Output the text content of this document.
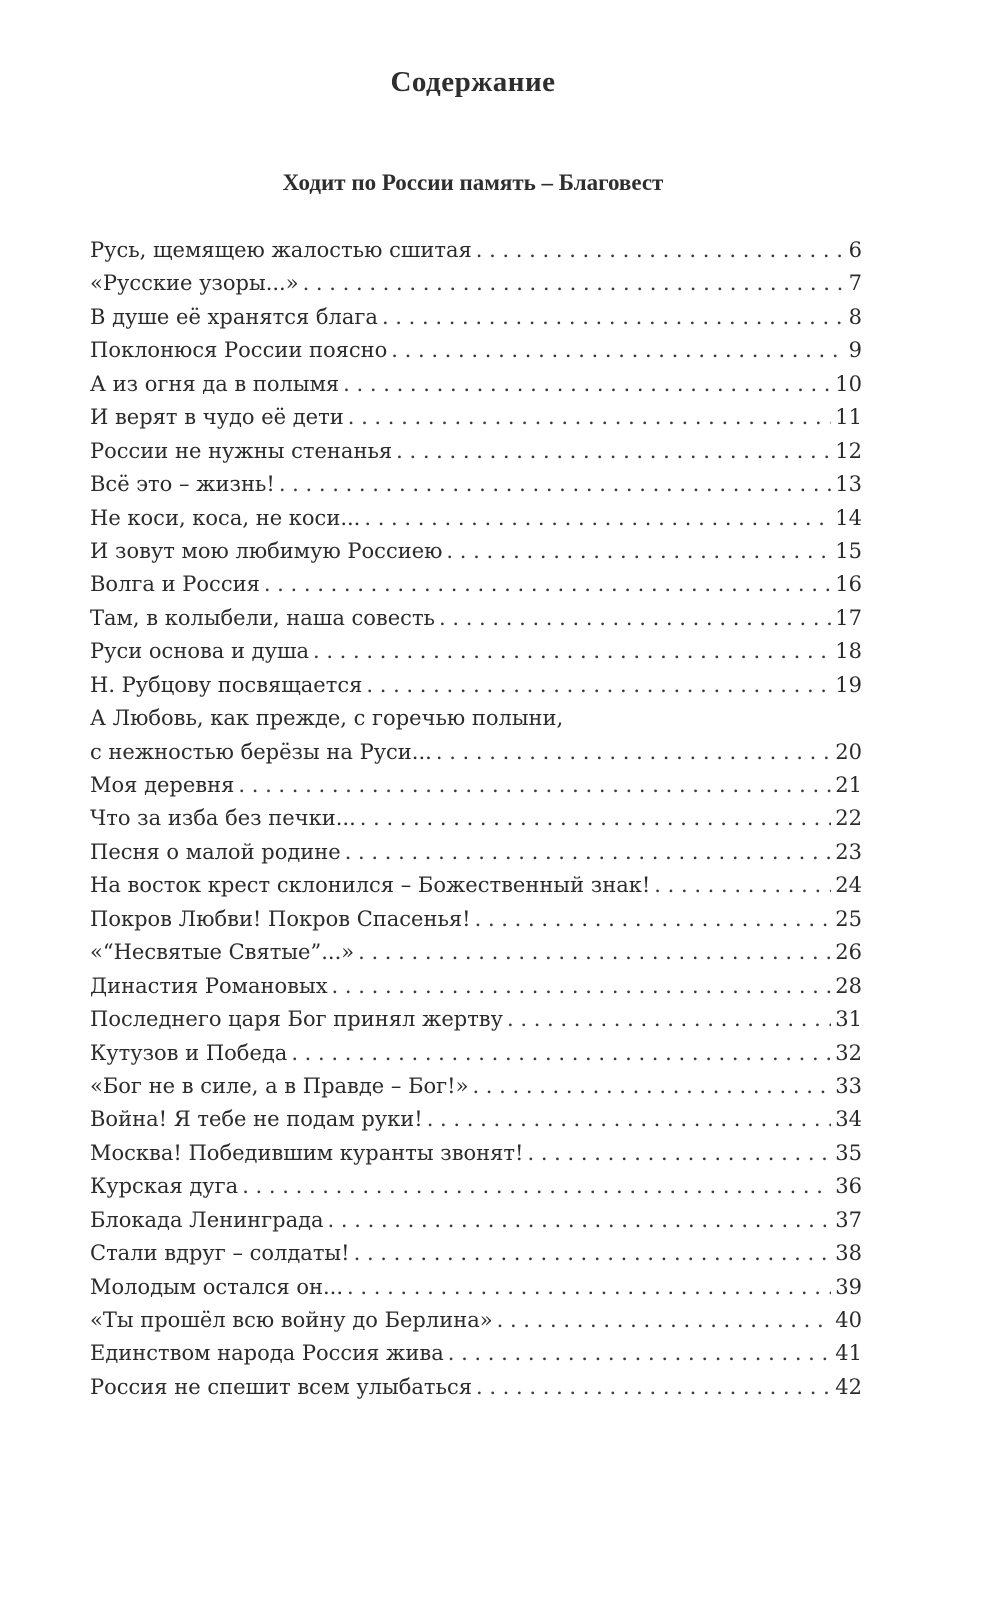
Содержание
Ходит по России память – Благовест
Русь, щемящею жалостью сшитая . . .	6
«Русские узоры...» . . .	7
В душе её хранятся блага . . .	8
Поклонюся России поясно . . .	9
А из огня да в полымя . . .	10
И верят в чудо её дети . . .	11
России не нужны стенанья . . .	12
Всё это – жизнь! . . .	13
Не коси, коса, не коси... . . .	14
И зовут мою любимую Россиею . . .	15
Волга и Россия . . .	16
Там, в колыбели, наша совесть . . .	17
Руси основа и душа . . .	18
Н. Рубцову посвящается . . .	19
А Любовь, как прежде, с горечью полыни,
с нежностью берёзы на Руси... . . .	20
Моя деревня . . .	21
Что за изба без печки... . . .	22
Песня о малой родине . . .	23
На восток крест склонился – Божественный знак! . . .	24
Покров Любви! Покров Спасенья! . . .	25
«“Несвятые Святые”...» . . .	26
Династия Романовых . . .	28
Последнего царя Бог принял жертву . . .	31
Кутузов и Победа . . .	32
«Бог не в силе, а в Правде – Бог!» . . .	33
Война! Я тебе не подам руки! . . .	34
Москва! Победившим куранты звонят! . . .	35
Курская дуга . . .	36
Блокада Ленинграда . . .	37
Стали вдруг – солдаты! . . .	38
Молодым остался он... . . .	39
«Ты прошёл всю войну до Берлина» . . .	40
Единством народа Россия жива . . .	41
Россия не спешит всем улыбаться . . .	42
